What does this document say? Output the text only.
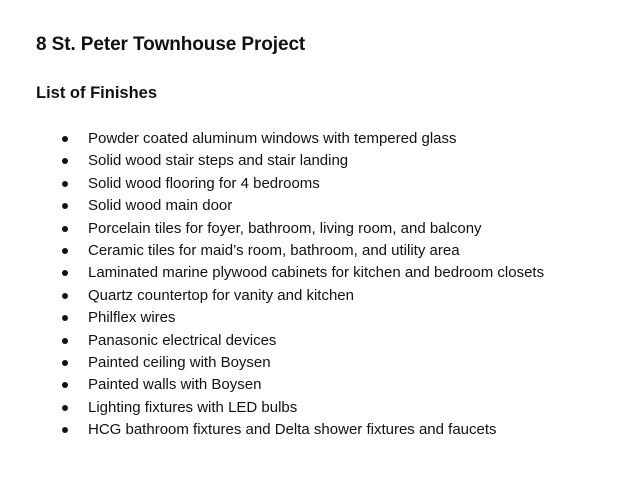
8 St. Peter Townhouse Project
List of Finishes
Powder coated aluminum windows with tempered glass
Solid wood stair steps and stair landing
Solid wood flooring for 4 bedrooms
Solid wood main door
Porcelain tiles for foyer, bathroom, living room, and balcony
Ceramic tiles for maid’s room, bathroom, and utility area
Laminated marine plywood cabinets for kitchen and bedroom closets
Quartz countertop for vanity and kitchen
Philflex wires
Panasonic electrical devices
Painted ceiling with Boysen
Painted walls with Boysen
Lighting fixtures with LED bulbs
HCG bathroom fixtures and Delta shower fixtures and faucets
